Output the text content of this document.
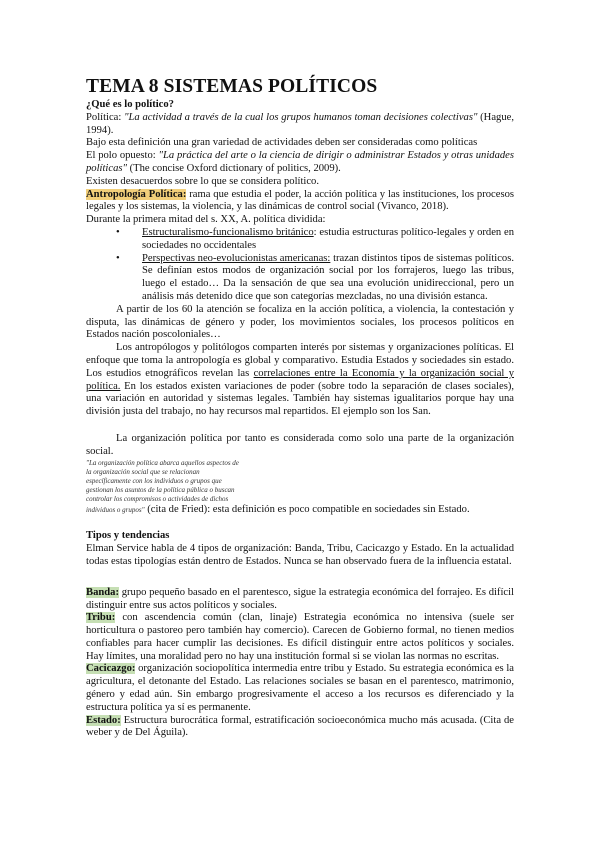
TEMA 8 SISTEMAS POLÍTICOS

¿Qué es lo político?

Política: "La actividad a través de la cual los grupos humanos toman decisiones colectivas" (Hague, 1994).

Bajo esta definición una gran variedad de actividades deben ser consideradas como políticas

El polo opuesto: "La práctica del arte o la ciencia de dirigir o administrar Estados y otras unidades políticas" (The concise Oxford dictionary of politics, 2009).

Existen desacuerdos sobre lo que se considera político.

Antropología Política: rama que estudia el poder, la acción política y las instituciones, los procesos legales y los sistemas, la violencia, y las dinámicas de control social (Vivanco, 2018).

Durante la primera mitad del s. XX, A. política dividida:

• Estructuralismo-funcionalismo británico: estudia estructuras político-legales y orden en sociedades no occidentales
• Perspectivas neo-evolucionistas americanas: trazan distintos tipos de sistemas políticos. Se definían estos modos de organización social por los forrajeros, luego las tribus, luego el estado… Da la sensación de que sea una evolución unidireccional, pero un análisis más detenido dice que son categorías mezcladas, no una división estanca.

A partir de los 60 la atención se focaliza en la acción política, a violencia, la contestación y disputa, las dinámicas de género y poder, los movimientos sociales, los procesos políticos en Estados nación poscoloniales…

Los antropólogos y politólogos comparten interés por sistemas y organizaciones políticas. El enfoque que toma la antropología es global y comparativo. Estudia Estados y sociedades sin estado. Los estudios etnográficos revelan las correlaciones entre la Economía y la organización social y política. En los estados existen variaciones de poder (sobre todo la separación de clases sociales), una variación en autoridad y sistemas legales. También hay sistemas igualitarios porque hay una división justa del trabajo, no hay recursos mal repartidos. El ejemplo son los San.

La organización política por tanto es considerada como solo una parte de la organización social.

"La organización política abarca aquellos aspectos de
la organización social que se relacionan
específicamente con los individuos o grupos que
gestionan los asuntos de la política pública o buscan
controlar los compromisos o actividades de dichos

individuos o grupos" (cita de Fried): esta definición es poco compatible en sociedades sin Estado.

Tipos y tendencias

Elman Service habla de 4 tipos de organización: Banda, Tribu, Cacicazgo y Estado. En la actualidad todas estas tipologías están dentro de Estados. Nunca se han observado fuera de la influencia estatal.

Banda: grupo pequeño basado en el parentesco, sigue la estrategia económica del forrajeo. Es difícil distinguir entre sus actos políticos y sociales.

Tribu: con ascendencia común (clan, linaje) Estrategia económica no intensiva (suele ser horticultura o pastoreo pero también hay comercio). Carecen de Gobierno formal, no tienen medios confiables para hacer cumplir las decisiones. Es difícil distinguir entre actos políticos y sociales. Hay límites, una moralidad pero no hay una institución formal si se violan las normas no escritas.

Cacicazgo: organización sociopolítica intermedia entre tribu y Estado. Su estrategia económica es la agricultura, el detonante del Estado. Las relaciones sociales se basan en el parentesco, matrimonio, género y edad aún. Sin embargo progresivamente el acceso a los recursos es diferenciado y la estructura política ya sí es permanente.

Estado: Estructura burocrática formal, estratificación socioeconómica mucho más acusada. (Cita de weber y de Del Águila).
